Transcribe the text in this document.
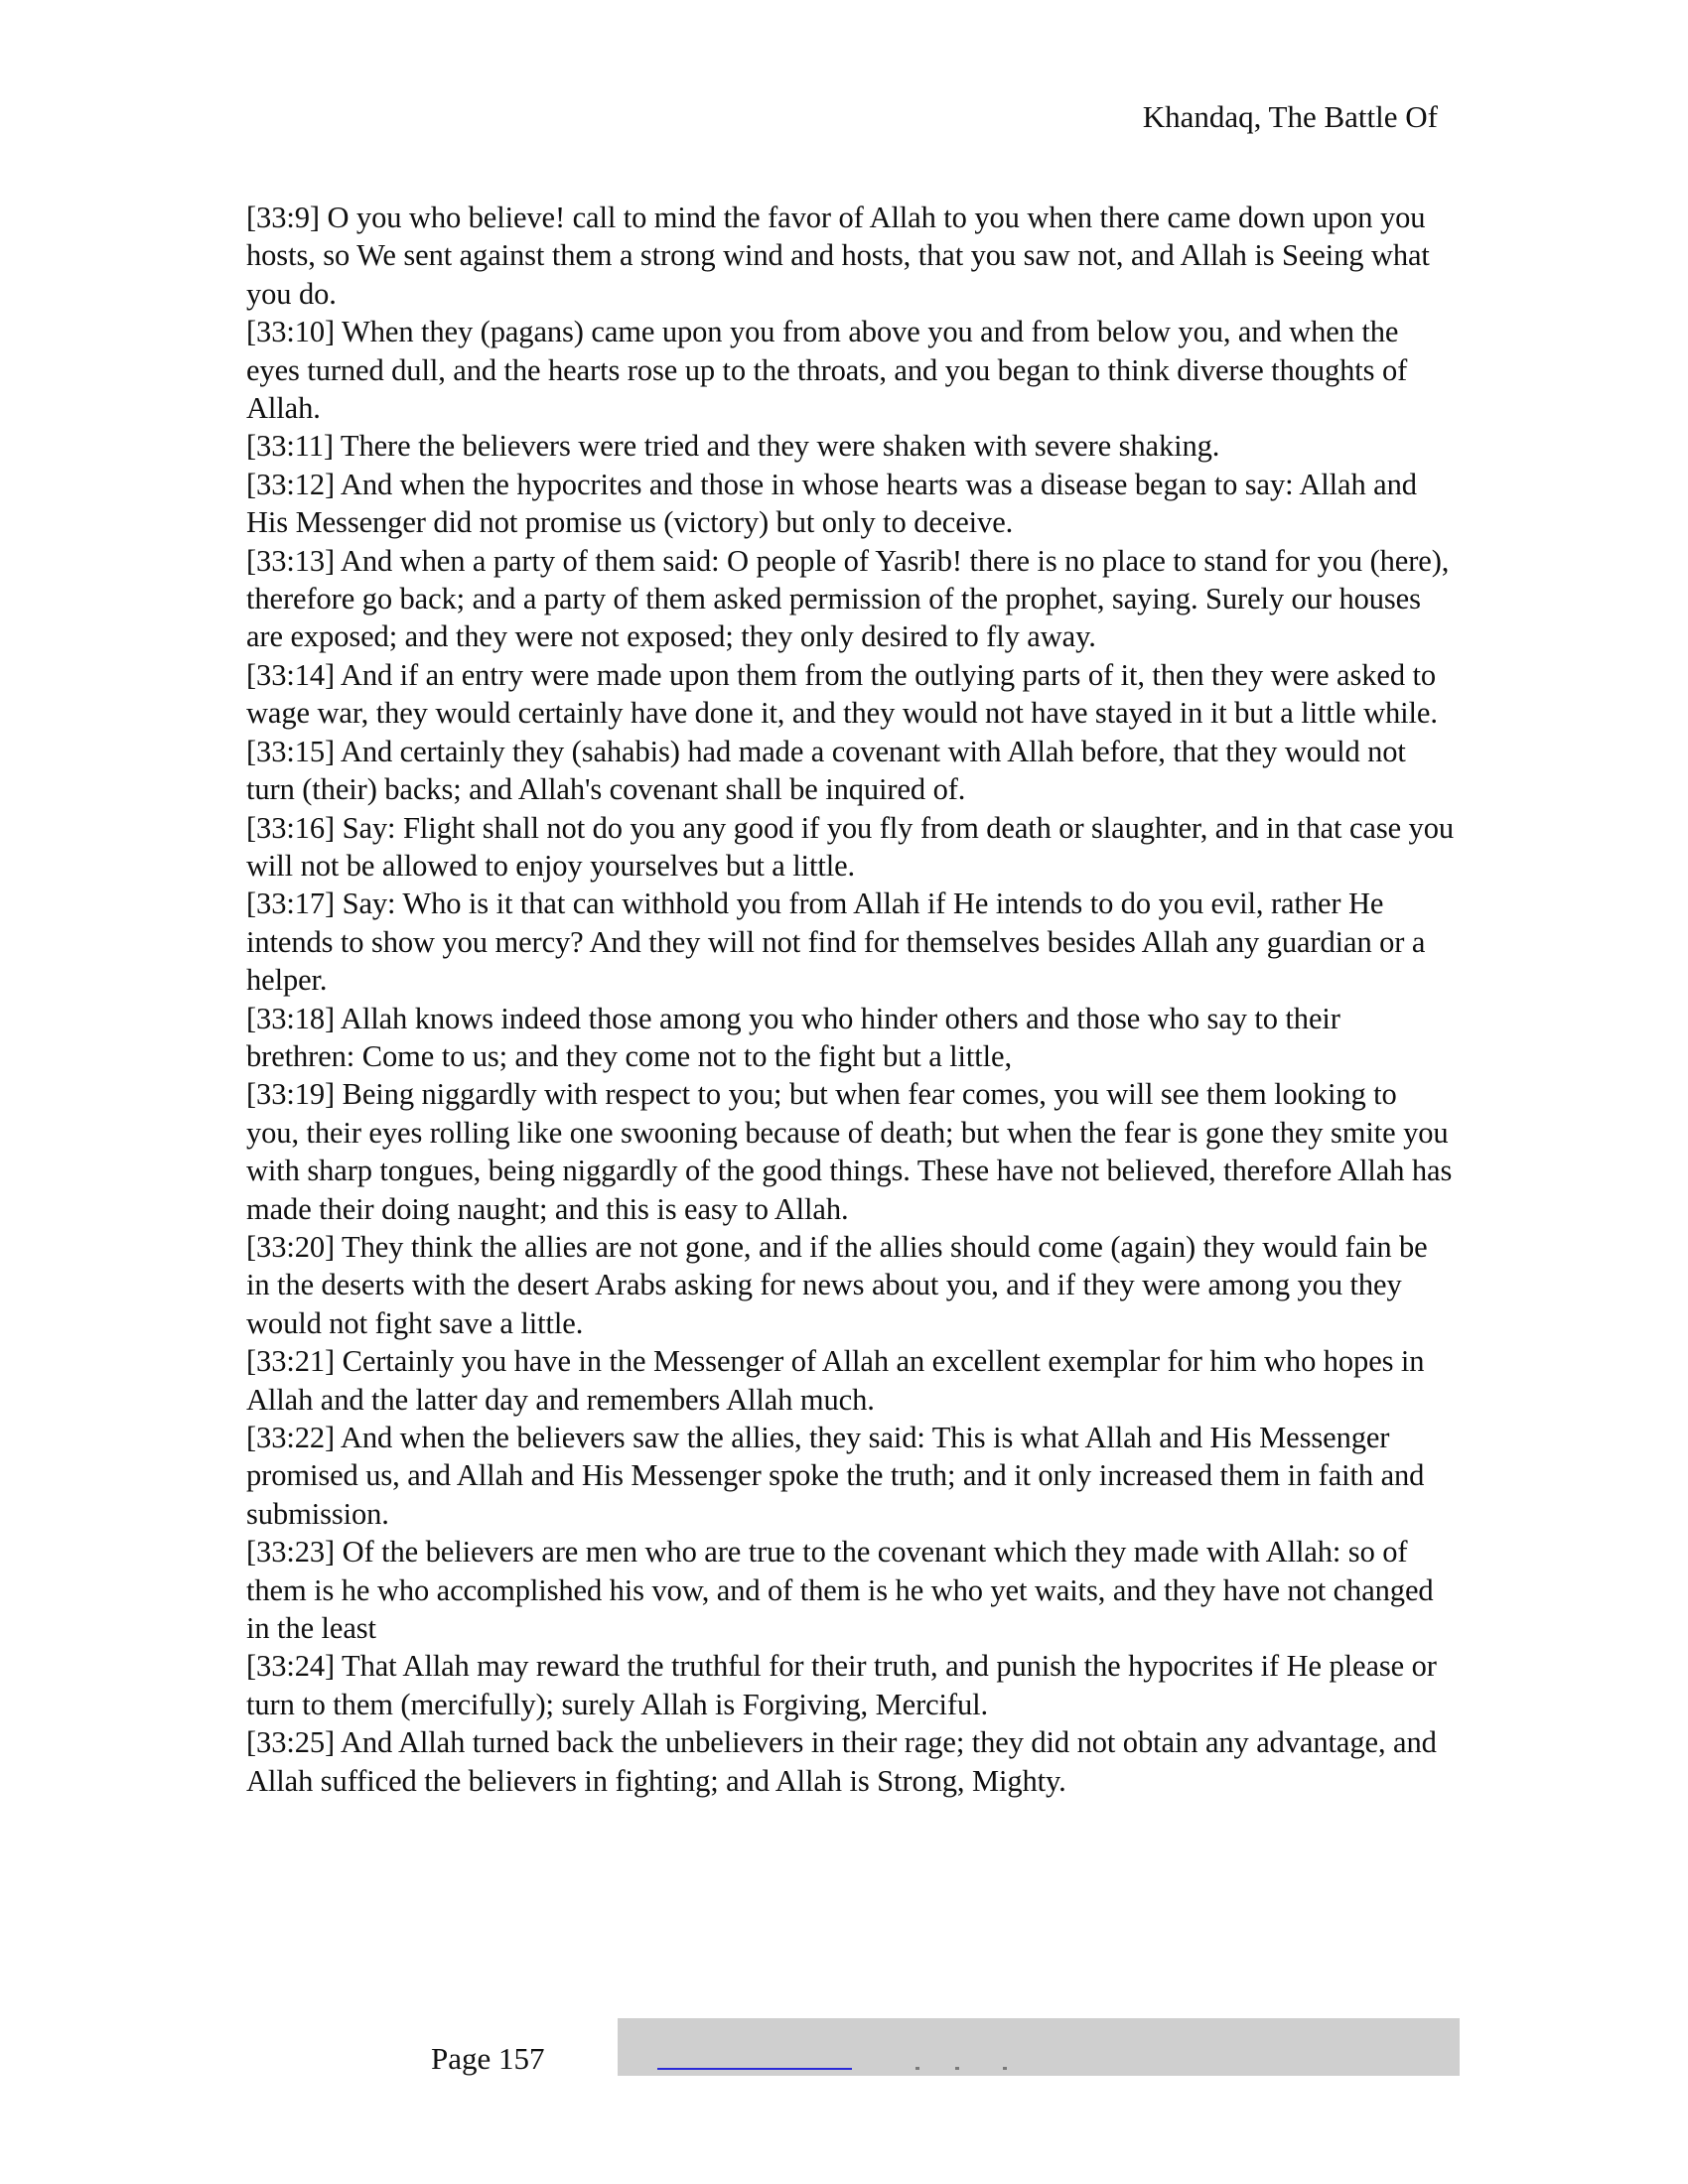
Khandaq, The Battle Of

[33:9] O you who believe! call to mind the favor of Allah to you when there came down upon you hosts, so We sent against them a strong wind and hosts, that you saw not, and Allah is Seeing what you do.

[33:10] When they (pagans) came upon you from above you and from below you, and when the eyes turned dull, and the hearts rose up to the throats, and you began to think diverse thoughts of Allah.

[33:11] There the believers were tried and they were shaken with severe shaking.

[33:12] And when the hypocrites and those in whose hearts was a disease began to say: Allah and His Messenger did not promise us (victory) but only to deceive.

[33:13] And when a party of them said: O people of Yasrib! there is no place to stand for you (here), therefore go back; and a party of them asked permission of the prophet, saying. Surely our houses are exposed; and they were not exposed; they only desired to fly away.

[33:14] And if an entry were made upon them from the outlying parts of it, then they were asked to wage war, they would certainly have done it, and they would not have stayed in it but a little while.

[33:15] And certainly they (sahabis) had made a covenant with Allah before, that they would not turn (their) backs; and Allah's covenant shall be inquired of.

[33:16] Say: Flight shall not do you any good if you fly from death or slaughter, and in that case you will not be allowed to enjoy yourselves but a little.

[33:17] Say: Who is it that can withhold you from Allah if He intends to do you evil, rather He intends to show you mercy? And they will not find for themselves besides Allah any guardian or a helper.

[33:18] Allah knows indeed those among you who hinder others and those who say to their brethren: Come to us; and they come not to the fight but a little,

[33:19] Being niggardly with respect to you; but when fear comes, you will see them looking to you, their eyes rolling like one swooning because of death; but when the fear is gone they smite you with sharp tongues, being niggardly of the good things. These have not believed, therefore Allah has made their doing naught; and this is easy to Allah.

[33:20] They think the allies are not gone, and if the allies should come (again) they would fain be in the deserts with the desert Arabs asking for news about you, and if they were among you they would not fight save a little.

[33:21] Certainly you have in the Messenger of Allah an excellent exemplar for him who hopes in Allah and the latter day and remembers Allah much.

[33:22] And when the believers saw the allies, they said: This is what Allah and His Messenger promised us, and Allah and His Messenger spoke the truth; and it only increased them in faith and submission.

[33:23] Of the believers are men who are true to the covenant which they made with Allah: so of them is he who accomplished his vow, and of them is he who yet waits, and they have not changed in the least

[33:24] That Allah may reward the truthful for their truth, and punish the hypocrites if He please or turn to them (mercifully); surely Allah is Forgiving, Merciful.

[33:25] And Allah turned back the unbelievers in their rage; they did not obtain any advantage, and Allah sufficed the believers in fighting; and Allah is Strong, Mighty.

Page 157
